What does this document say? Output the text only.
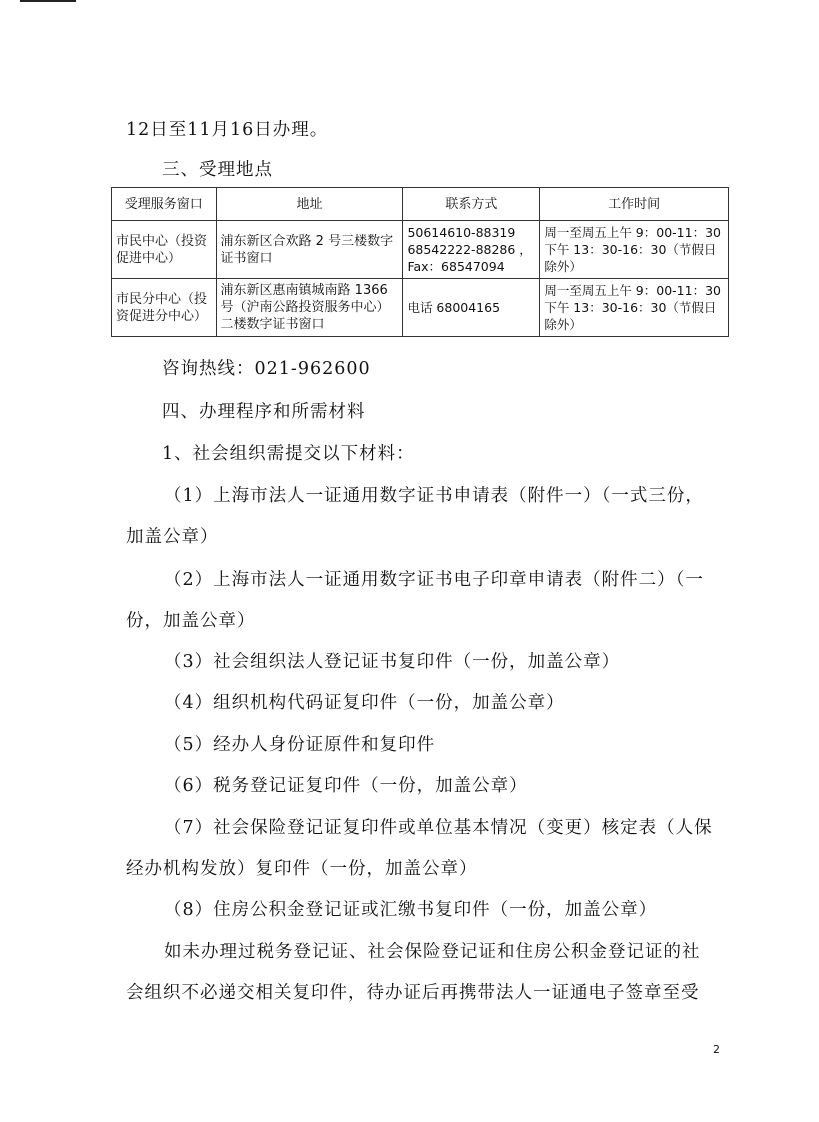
12日至11月16日办理。
三、受理地点
受理服务窗口	地址	联系方式	工作时间
市民中心（投资促进中心）	浦东新区合欢路 2 号三楼数字证书窗口	50614610-88319
68542222-88286 ，
Fax：68547094	周一至周五上午 9：00-11：30 下午 13：30-16：30（节假日除外）
市民分中心（投资促进分中心）	浦东新区惠南镇城南路 1366 号（沪南公路投资服务中心）二楼数字证书窗口	电话 68004165	周一至周五上午 9：00-11：30 下午 13：30-16：30（节假日除外）
咨询热线：021-962600
四、办理程序和所需材料
1、社会组织需提交以下材料：
（1）上海市法人一证通用数字证书申请表（附件一）（一式三份，
加盖公章）
（2）上海市法人一证通用数字证书电子印章申请表（附件二）（一
份，加盖公章）
（3）社会组织法人登记证书复印件（一份，加盖公章）
（4）组织机构代码证复印件（一份，加盖公章）
（5）经办人身份证原件和复印件
（6）税务登记证复印件（一份，加盖公章）
（7）社会保险登记证复印件或单位基本情况（变更）核定表（人保
经办机构发放）复印件（一份，加盖公章）
（8）住房公积金登记证或汇缴书复印件（一份，加盖公章）
如未办理过税务登记证、社会保险登记证和住房公积金登记证的社
会组织不必递交相关复印件，待办证后再携带法人一证通电子签章至受
2
